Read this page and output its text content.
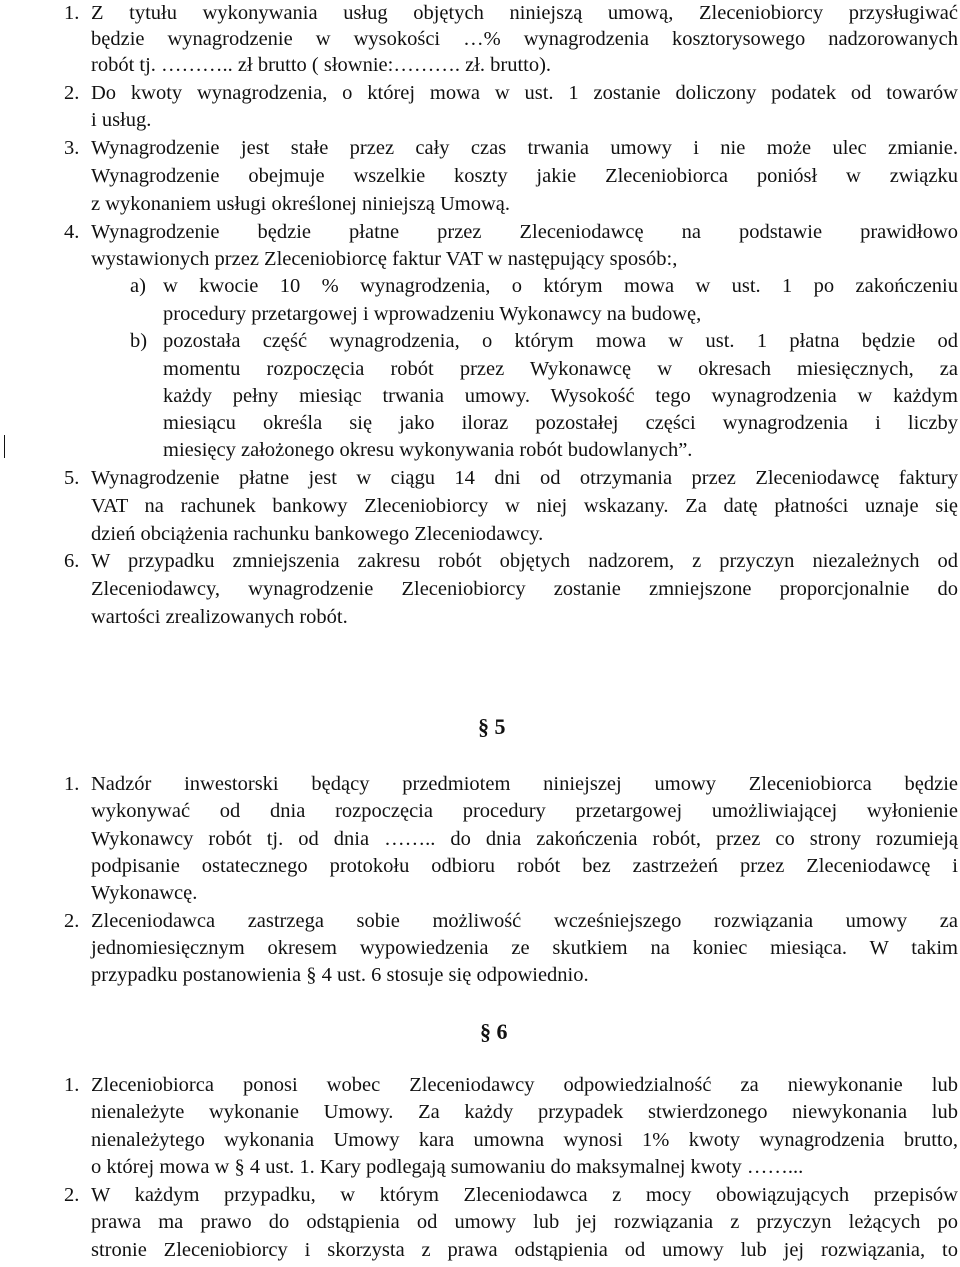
1. Z tytułu wykonywania usług objętych niniejszą umową, Zleceniobiorcy przysługiwać
będzie wynagrodzenie w wysokości …% wynagrodzenia kosztorysowego nadzorowanych
robót tj. ……….. zł brutto ( słownie:………. zł. brutto).
2. Do kwoty wynagrodzenia, o której mowa w ust. 1 zostanie doliczony podatek od towarów
i usług.
3. Wynagrodzenie jest stałe przez cały czas trwania umowy i nie może ulec zmianie.
Wynagrodzenie obejmuje wszelkie koszty jakie Zleceniobiorca poniósł w związku
z wykonaniem usługi określonej niniejszą Umową.
4. Wynagrodzenie będzie płatne przez Zleceniodawcę na podstawie prawidłowo
wystawionych przez Zleceniobiorcę faktur VAT w następujący sposób:,
a) w kwocie 10 % wynagrodzenia, o którym mowa w ust. 1 po zakończeniu
procedury przetargowej i wprowadzeniu Wykonawcy na budowę,
b) pozostała część wynagrodzenia, o którym mowa w ust. 1 płatna będzie od
momentu rozpoczęcia robót przez Wykonawcę w okresach miesięcznych, za
każdy pełny miesiąc trwania umowy. Wysokość tego wynagrodzenia w każdym
miesiącu określa się jako iloraz pozostałej części wynagrodzenia i liczby
miesięcy założonego okresu wykonywania robót budowlanych”.
5. Wynagrodzenie płatne jest w ciągu 14 dni od otrzymania przez Zleceniodawcę faktury
VAT na rachunek bankowy Zleceniobiorcy w niej wskazany. Za datę płatności uznaje się
dzień obciążenia rachunku bankowego Zleceniodawcy.
6. W przypadku zmniejszenia zakresu robót objętych nadzorem, z przyczyn niezależnych od
Zleceniodawcy, wynagrodzenie Zleceniobiorcy zostanie zmniejszone proporcjonalnie do
wartości zrealizowanych robót.
§ 5
1. Nadzór inwestorski będący przedmiotem niniejszej umowy Zleceniobiorca będzie
wykonywać od dnia rozpoczęcia procedury przetargowej umożliwiającej wyłonienie
Wykonawcy robót tj. od dnia …….. do dnia zakończenia robót, przez co strony rozumieją
podpisanie ostatecznego protokołu odbioru robót bez zastrzeżeń przez Zleceniodawcę i
Wykonawcę.
2. Zleceniodawca zastrzega sobie możliwość wcześniejszego rozwiązania umowy za
jednomiesięcznym okresem wypowiedzenia ze skutkiem na koniec miesiąca. W takim
przypadku postanowienia § 4 ust. 6 stosuje się odpowiednio.
§ 6
1. Zleceniobiorca ponosi wobec Zleceniodawcy odpowiedzialność za niewykonanie lub
nienależyte wykonanie Umowy. Za każdy przypadek stwierdzonego niewykonania lub
nienależytego wykonania Umowy kara umowna wynosi 1% kwoty wynagrodzenia brutto,
o której mowa w § 4 ust. 1. Kary podlegają sumowaniu do maksymalnej kwoty ……...
2. W każdym przypadku, w którym Zleceniodawca z mocy obowiązujących przepisów
prawa ma prawo do odstąpienia od umowy lub jej rozwiązania z przyczyn leżących po
stronie Zleceniobiorcy i skorzysta z prawa odstąpienia od umowy lub jej rozwiązania, to
